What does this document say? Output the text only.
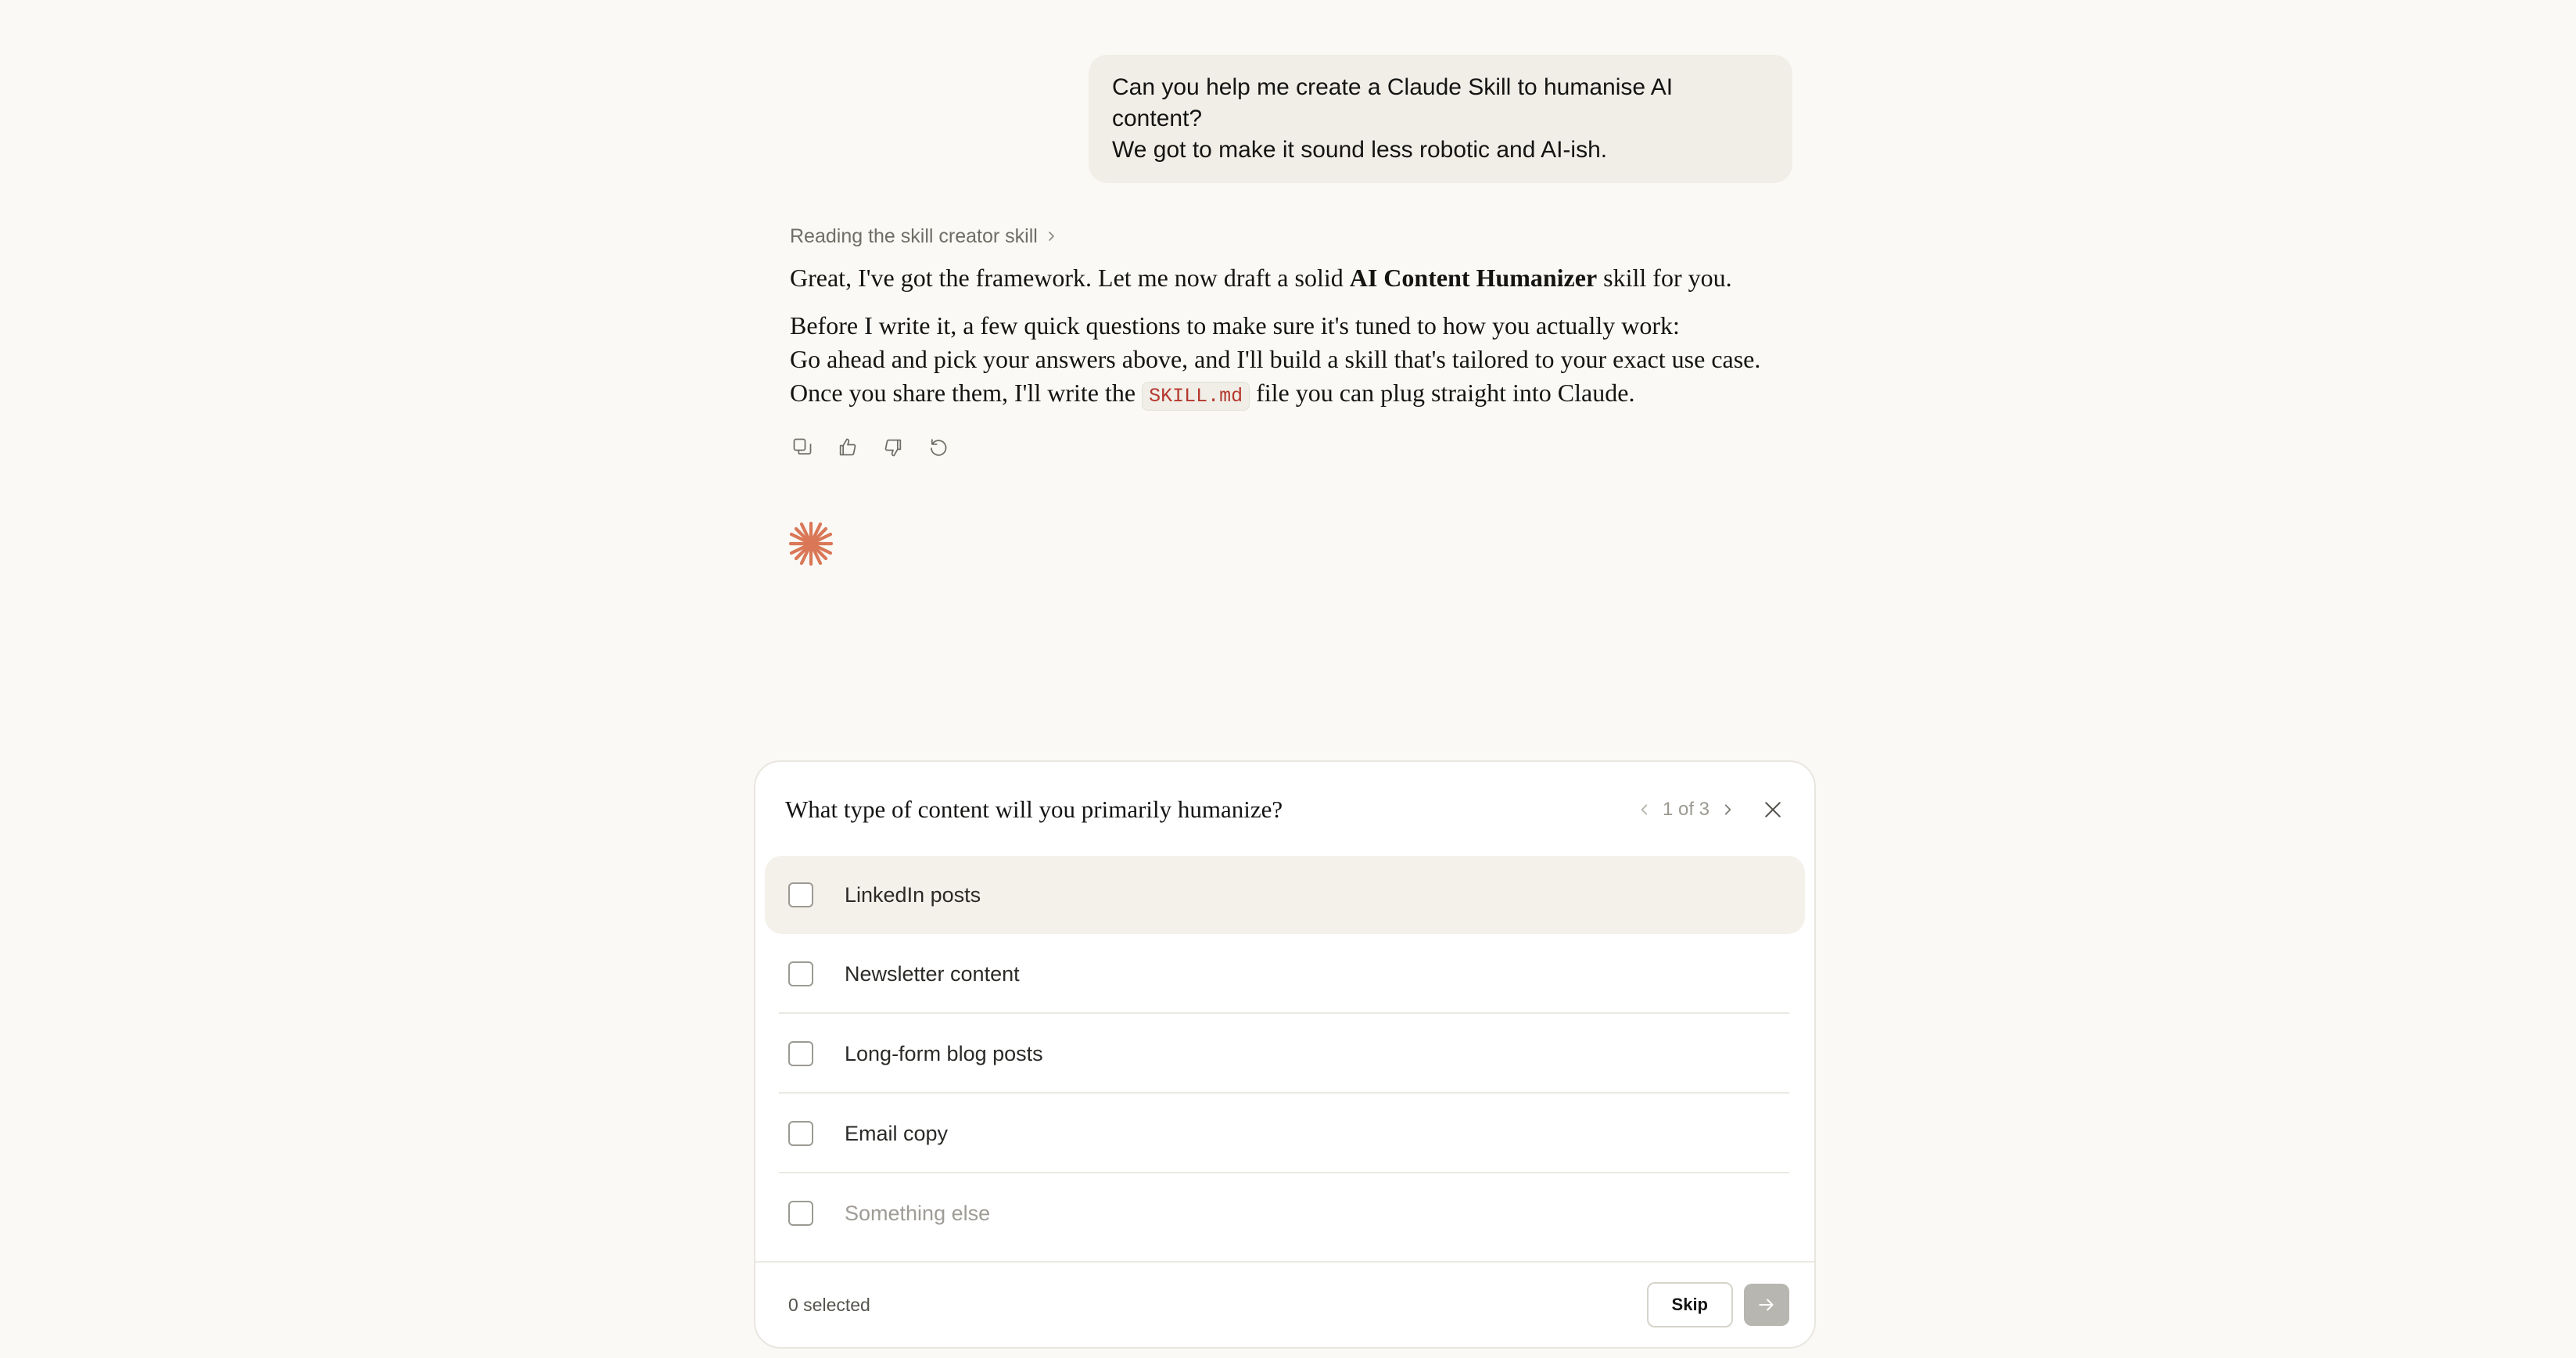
Can you help me create a Claude Skill to humanise AI content?
We got to make it sound less robotic and AI-ish.
Reading the skill creator skill

Great, I've got the framework. Let me now draft a solid AI Content Humanizer skill for you.

Before I write it, a few quick questions to make sure it's tuned to how you actually work:
Go ahead and pick your answers above, and I'll build a skill that's tailored to your exact use case. Once you share them, I'll write the SKILL.md file you can plug straight into Claude.

What type of content will you primarily humanize?	1 of 3
LinkedIn posts
Newsletter content
Long-form blog posts
Email copy
Something else
0 selected	Skip
